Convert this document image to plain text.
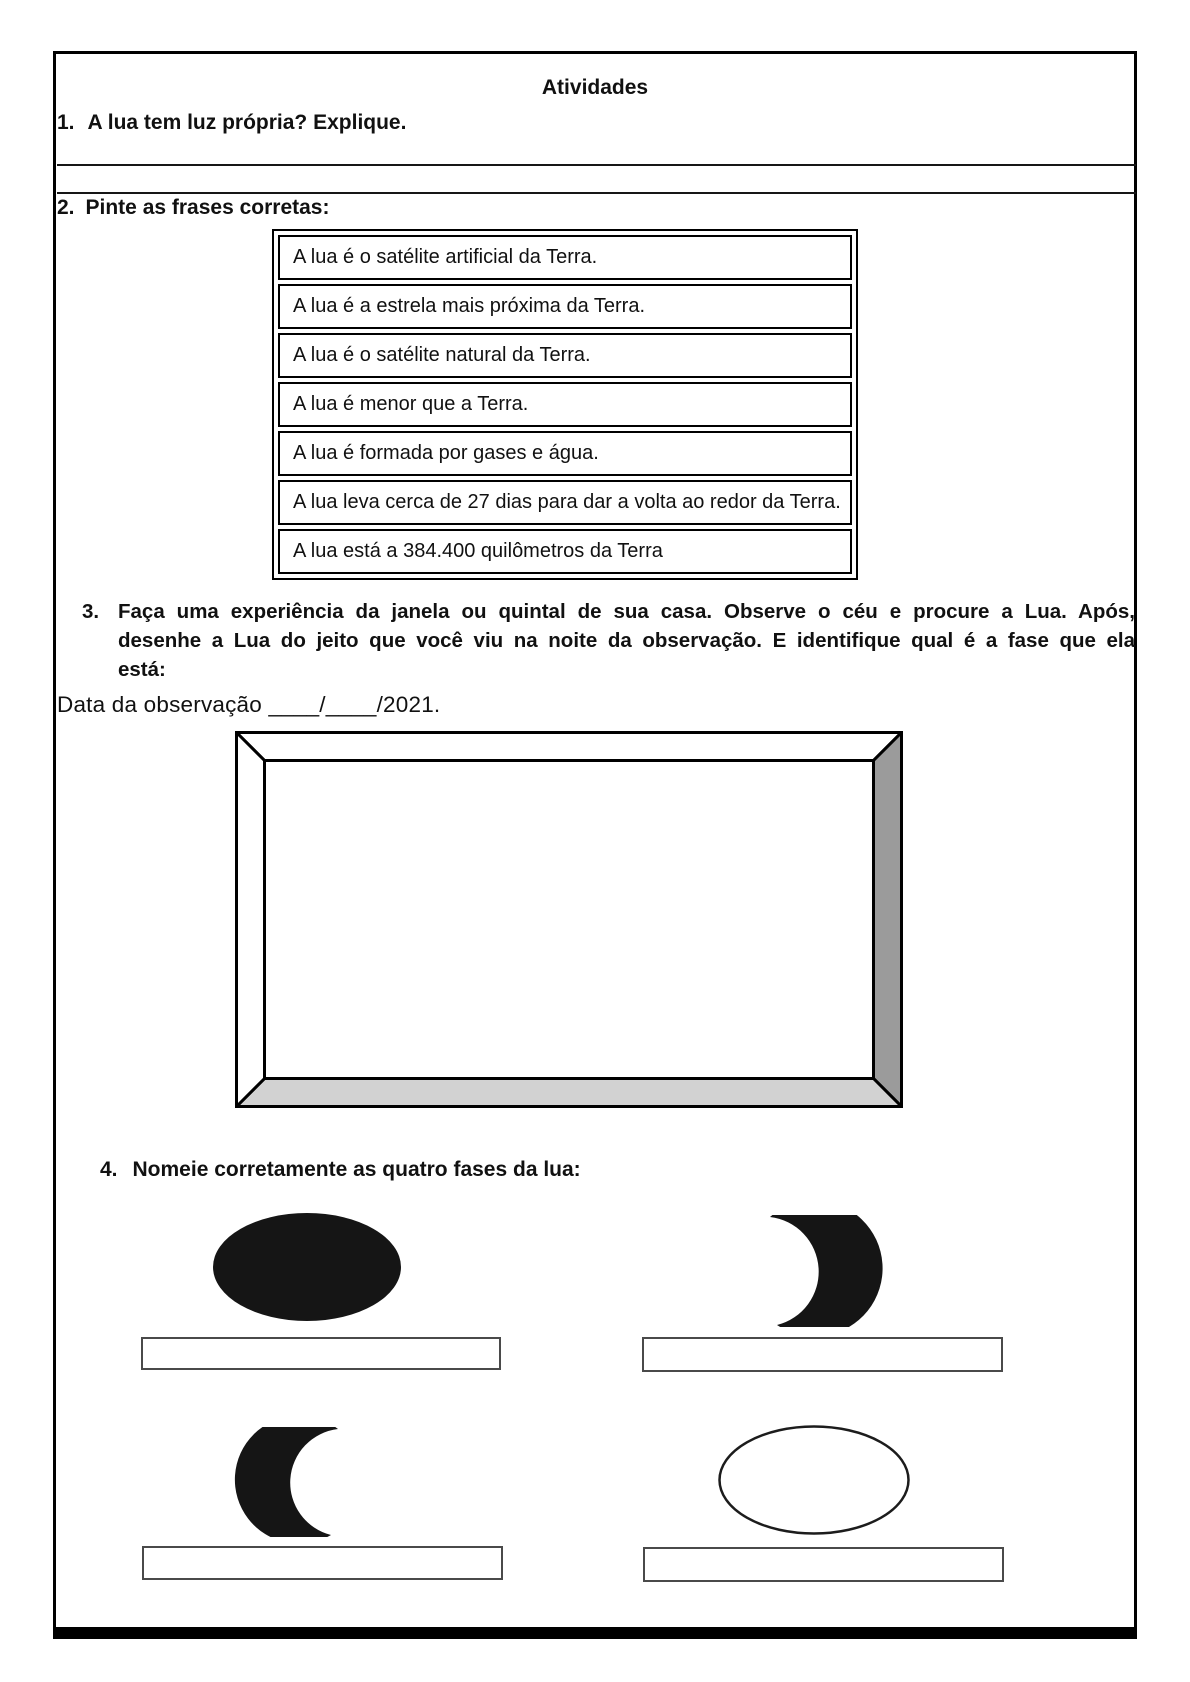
Atividades
1. A lua tem luz própria? Explique.
2. Pinte as frases corretas:
A lua é o satélite artificial da Terra.
A lua é a estrela mais próxima da Terra.
A lua é o satélite natural da Terra.
A lua é menor que a Terra.
A lua é formada por gases e água.
A lua leva cerca de 27 dias para dar a volta ao redor da Terra.
A lua está a 384.400 quilômetros da Terra
3. Faça uma experiência da janela ou quintal de sua casa. Observe o céu e procure a Lua. Após,
desenhe a Lua do jeito que você viu na noite da observação. E identifique qual é a fase que ela
está:
Data da observação ____/____/2021.
4. Nomeie corretamente as quatro fases da lua:
